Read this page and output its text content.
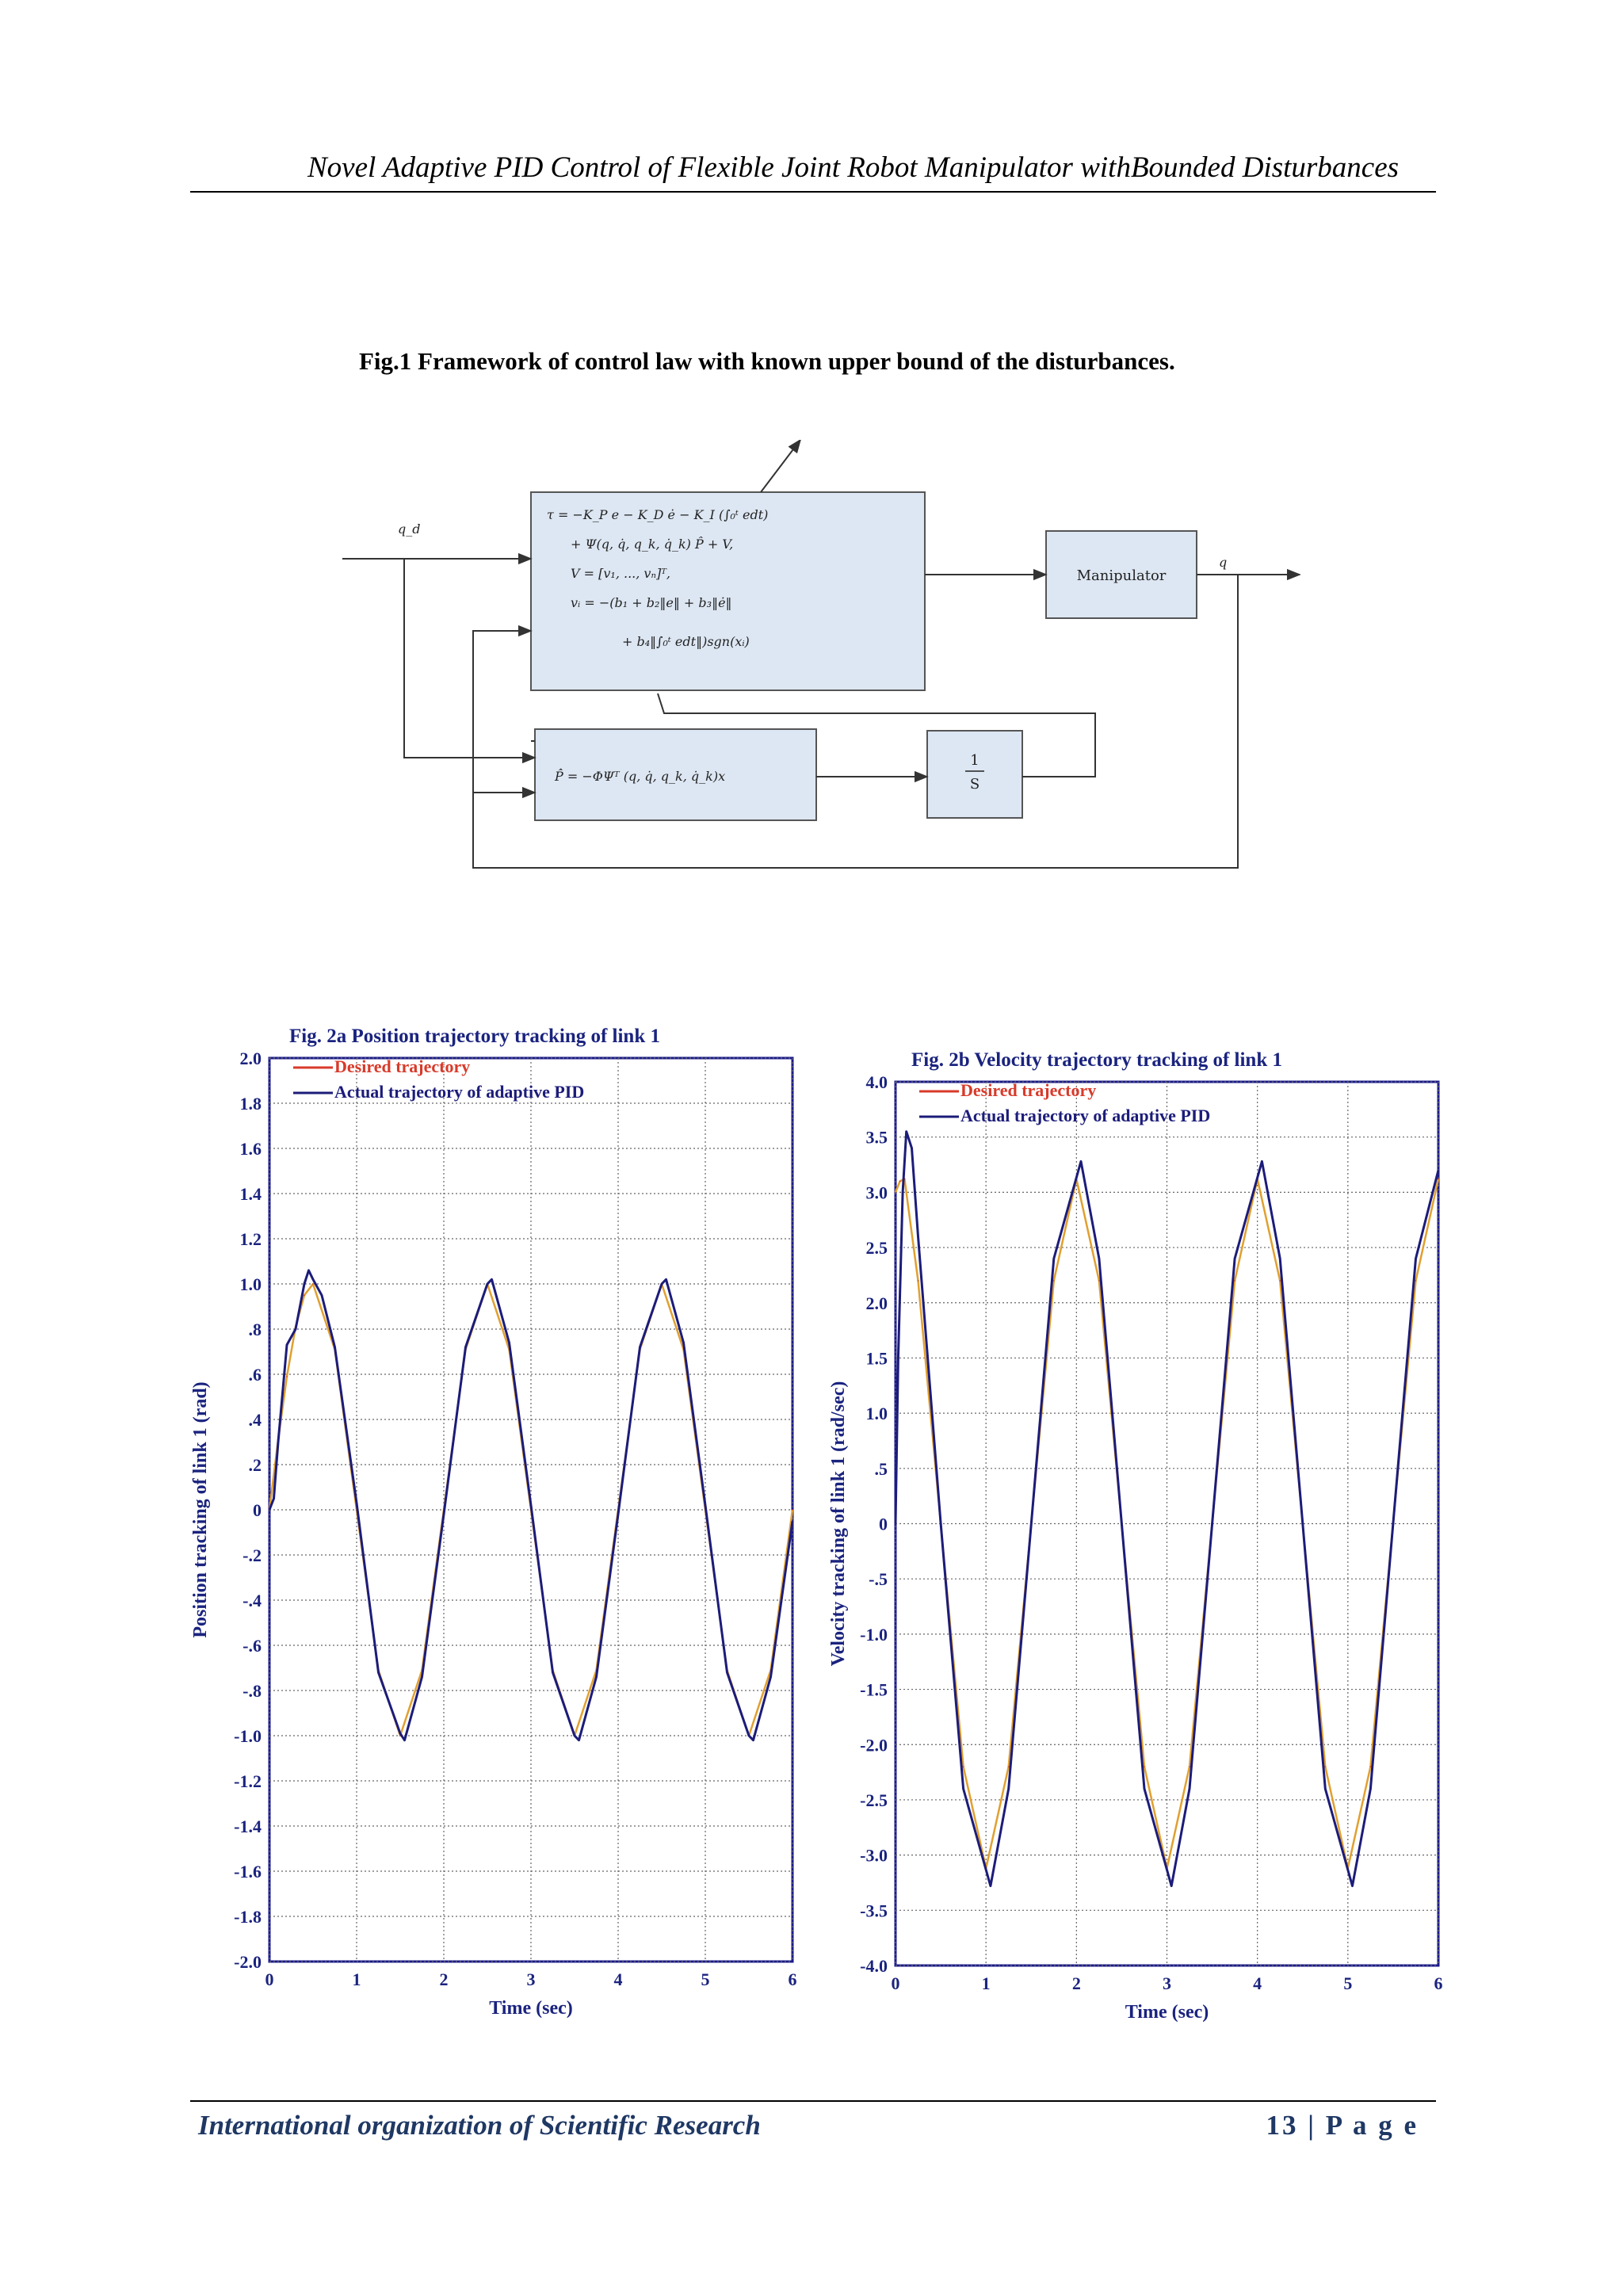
Novel Adaptive PID Control of Flexible Joint Robot Manipulator withBounded Disturbances
Fig.1 Framework of control law with known upper bound of the disturbances.
τ = −K_P e − K_D ė − K_I (∫₀ᵗ edt)
+ Ψ(q, q̇, q_k, q̇_k) P̂ + V,
V = [v₁, ..., vₙ]ᵀ,
vᵢ = −(b₁ + b₂‖e‖ + b₃‖ė‖
+ b₄‖∫₀ᵗ edt‖)sgn(xᵢ)
Manipulator
P̂̇ = −ΦΨᵀ (q, q̇, q_k, q̇_k)x
1
S
q_d
q
Fig. 2a Position trajectory tracking of link 1
2.0
1.8
1.6
1.4
1.2
1.0
.8
.6
.4
.2
0
-.2
-.4
-.6
-.8
-1.0
-1.2
-1.4
-1.6
-1.8
-2.0
0	1	2	3	4	5	6
Time (sec)
Position tracking of link 1 (rad)
Desired trajectory
Actual trajectory of adaptive PID
Fig. 2b Velocity trajectory tracking of link 1
4.0
3.5
3.0
2.5
2.0
1.5
1.0
.5
0
-.5
-1.0
-1.5
-2.0
-2.5
-3.0
-3.5
-4.0
0	1	2	3	4	5	6
Time (sec)
Velocity tracking of link 1 (rad/sec)
Desired trajectory
Actual trajectory of adaptive PID
International organization of Scientific Research	13 | P a g e
